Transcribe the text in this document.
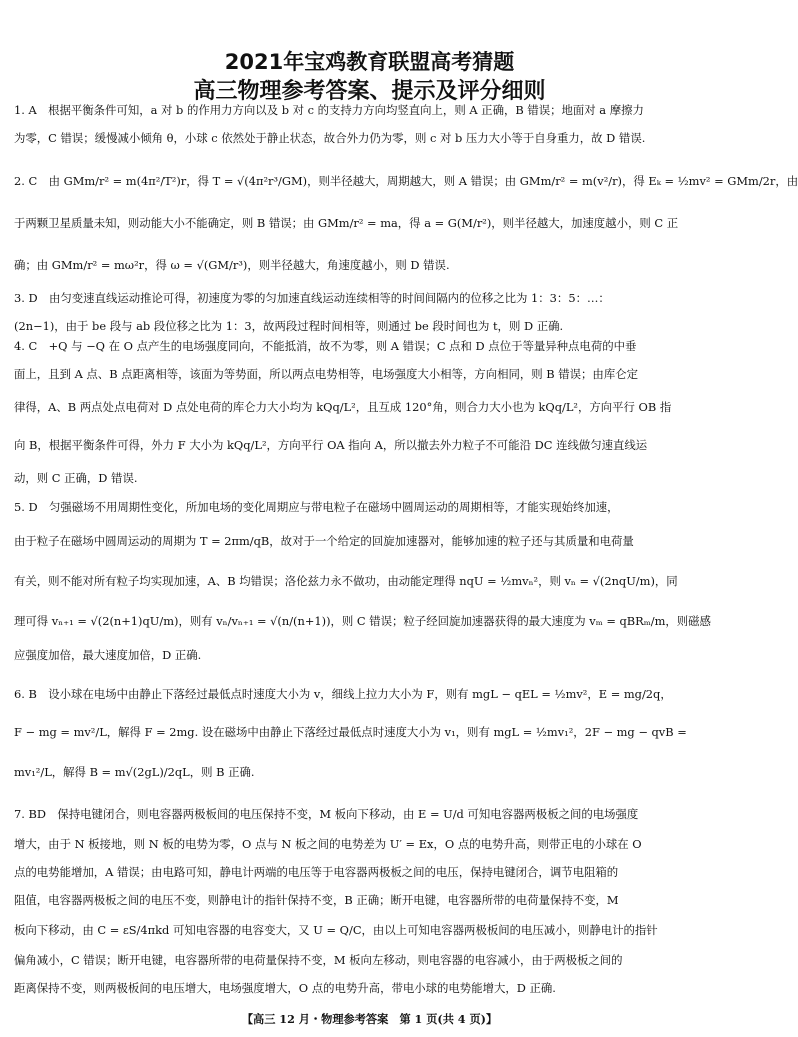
2021年宝鸡教育联盟高考猜题
高三物理参考答案、提示及评分细则
1. A　根据平衡条件可知，a 对 b 的作用力方向以及 b 对 c 的支持力方向均竖直向上，则 A 正确，B 错误；地面对 a 摩擦力
为零，C 错误；缓慢减小倾角 θ，小球 c 依然处于静止状态，故合外力仍为零，则 c 对 b 压力大小等于自身重力，故 D 错误.
2. C　由 GMm/r² = m(4π²/T²)r，得 T = √(4π²r³/GM)，则半径越大，周期越大，则 A 错误；由 GMm/r² = m(v²/r)，得 Eₖ = ½mv² = GMm/2r，由
于两颗卫星质量未知，则动能大小不能确定，则 B 错误；由 GMm/r² = ma，得 a = G(M/r²)，则半径越大，加速度越小，则 C 正
确；由 GMm/r² = mω²r，得 ω = √(GM/r³)，则半径越大，角速度越小，则 D 错误.
3. D　由匀变速直线运动推论可得，初速度为零的匀加速直线运动连续相等的时间间隔内的位移之比为 1：3：5：…：
(2n−1)，由于 be 段与 ab 段位移之比为 1：3，故两段过程时间相等，则通过 be 段时间也为 t，则 D 正确.
4. C　+Q 与 −Q 在 O 点产生的电场强度同向，不能抵消，故不为零，则 A 错误；C 点和 D 点位于等量异种点电荷的中垂
面上，且到 A 点、B 点距离相等，该面为等势面，所以两点电势相等，电场强度大小相等，方向相同，则 B 错误；由库仑定
律得，A、B 两点处点电荷对 D 点处电荷的库仑力大小均为 kQq/L²，且互成 120°角，则合力大小也为 kQq/L²，方向平行 OB 指
向 B，根据平衡条件可得，外力 F 大小为 kQq/L²，方向平行 OA 指向 A，所以撤去外力粒子不可能沿 DC 连线做匀速直线运
动，则 C 正确，D 错误.
5. D　匀强磁场不用周期性变化，所加电场的变化周期应与带电粒子在磁场中圆周运动的周期相等，才能实现始终加速，
由于粒子在磁场中圆周运动的周期为 T = 2πm/qB，故对于一个给定的回旋加速器对，能够加速的粒子还与其质量和电荷量
有关，则不能对所有粒子均实现加速，A、B 均错误；洛伦兹力永不做功，由动能定理得 nqU = ½mvₙ²，则 vₙ = √(2nqU/m)，同
理可得 vₙ₊₁ = √(2(n+1)qU/m)，则有 vₙ/vₙ₊₁ = √(n/(n+1))，则 C 错误；粒子经回旋加速器获得的最大速度为 vₘ = qBRₘ/m，则磁感
应强度加倍，最大速度加倍，D 正确.
6. B　设小球在电场中由静止下落经过最低点时速度大小为 v，细线上拉力大小为 F，则有 mgL − qEL = ½mv²，E = mg/2q，
F − mg = mv²/L，解得 F = 2mg. 设在磁场中由静止下落经过最低点时速度大小为 v₁，则有 mgL = ½mv₁²，2F − mg − qvB =
mv₁²/L，解得 B = m√(2gL)/2qL，则 B 正确.
7. BD　保持电键闭合，则电容器两极板间的电压保持不变，M 板向下移动，由 E = U/d 可知电容器两极板之间的电场强度
增大，由于 N 板接地，则 N 板的电势为零，O 点与 N 板之间的电势差为 U′ = Ex，O 点的电势升高，则带正电的小球在 O
点的电势能增加，A 错误；由电路可知，静电计两端的电压等于电容器两极板之间的电压，保持电键闭合，调节电阻箱的
阻值，电容器两极板之间的电压不变，则静电计的指针保持不变，B 正确；断开电键，电容器所带的电荷量保持不变，M
板向下移动，由 C = εS/4πkd 可知电容器的电容变大，又 U = Q/C，由以上可知电容器两极板间的电压减小，则静电计的指针
偏角减小，C 错误；断开电键，电容器所带的电荷量保持不变，M 板向左移动，则电容器的电容减小，由于两极板之间的
距离保持不变，则两极板间的电压增大，电场强度增大，O 点的电势升高，带电小球的电势能增大，D 正确.
【高三 12 月・物理参考答案　第 1 页(共 4 页)】
